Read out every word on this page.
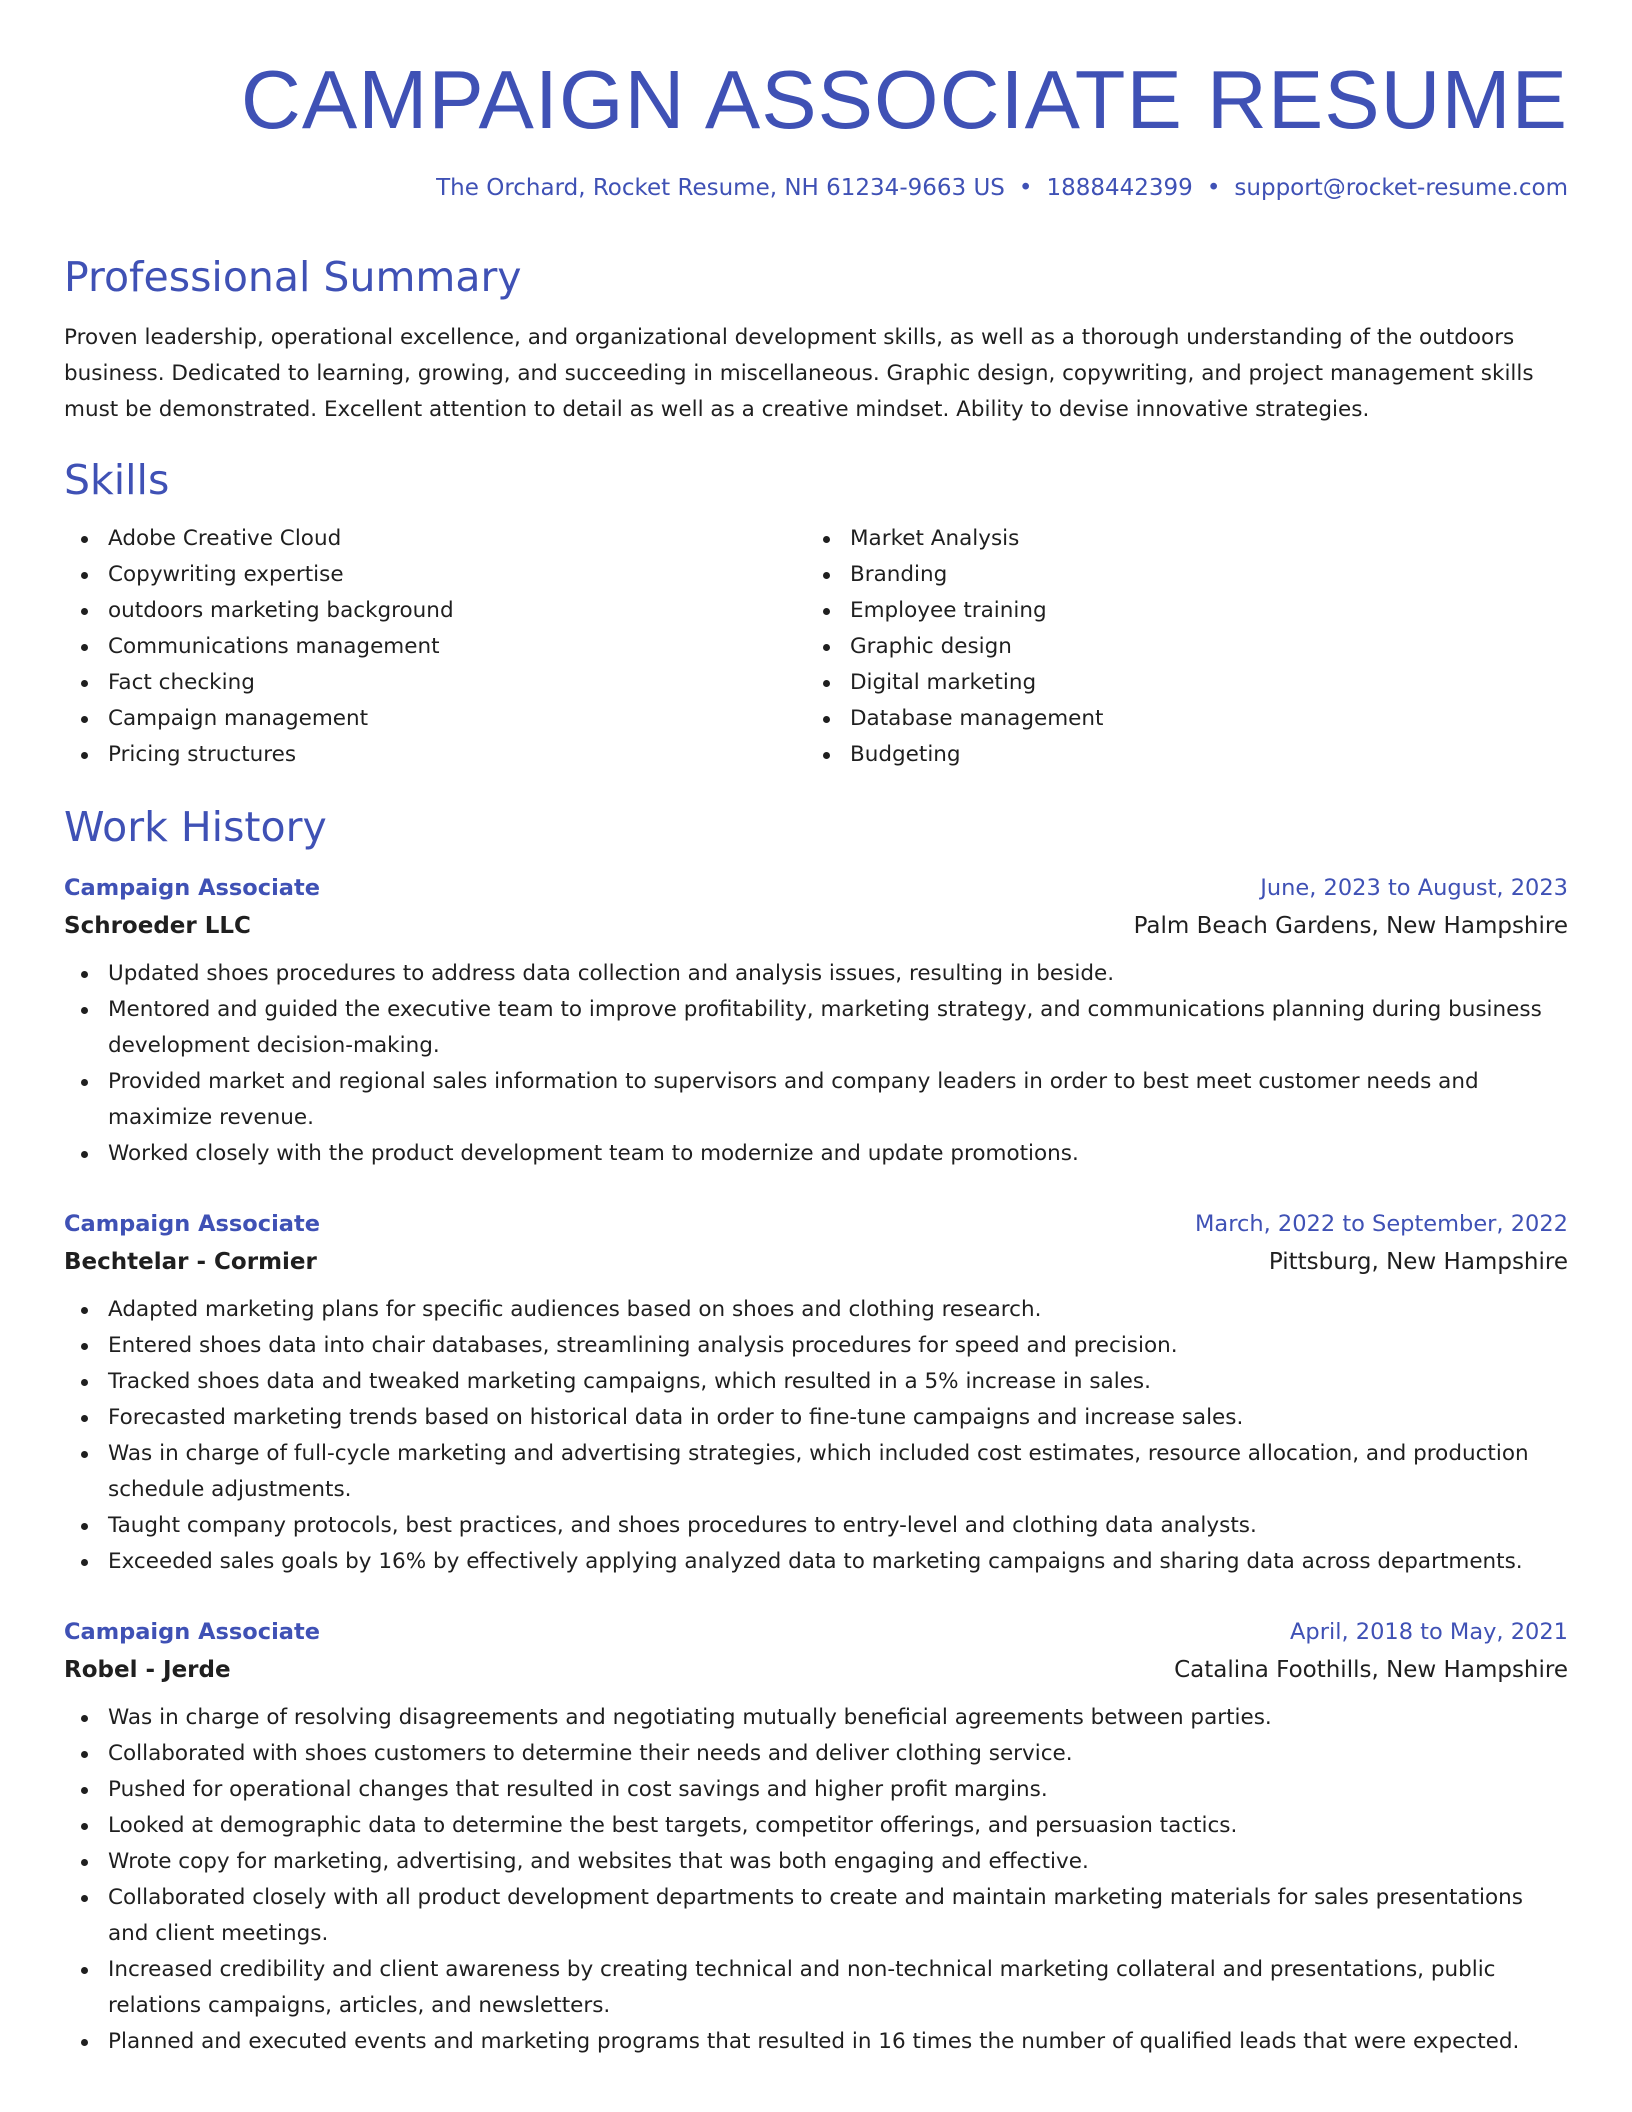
CAMPAIGN ASSOCIATE RESUME
The Orchard, Rocket Resume, NH 61234-9663 US • 1888442399 • support@rocket-resume.com
Professional Summary

Proven leadership, operational excellence, and organizational development skills, as well as a thorough understanding of the outdoors business. Dedicated to learning, growing, and succeeding in miscellaneous. Graphic design, copywriting, and project management skills must be demonstrated. Excellent attention to detail as well as a creative mindset. Ability to devise innovative strategies.

Skills
Adobe Creative Cloud
Copywriting expertise
outdoors marketing background
Communications management
Fact checking
Campaign management
Pricing structures
Market Analysis
Branding
Employee training
Graphic design
Digital marketing
Database management
Budgeting
Work History
Campaign Associate	June, 2023 to August, 2023
Schroeder LLC	Palm Beach Gardens, New Hampshire
Updated shoes procedures to address data collection and analysis issues, resulting in beside.
Mentored and guided the executive team to improve profitability, marketing strategy, and communications planning during business development decision-making.
Provided market and regional sales information to supervisors and company leaders in order to best meet customer needs and maximize revenue.
Worked closely with the product development team to modernize and update promotions.
Campaign Associate	March, 2022 to September, 2022
Bechtelar - Cormier	Pittsburg, New Hampshire
Adapted marketing plans for specific audiences based on shoes and clothing research.
Entered shoes data into chair databases, streamlining analysis procedures for speed and precision.
Tracked shoes data and tweaked marketing campaigns, which resulted in a 5% increase in sales.
Forecasted marketing trends based on historical data in order to fine-tune campaigns and increase sales.
Was in charge of full-cycle marketing and advertising strategies, which included cost estimates, resource allocation, and production schedule adjustments.
Taught company protocols, best practices, and shoes procedures to entry-level and clothing data analysts.
Exceeded sales goals by 16% by effectively applying analyzed data to marketing campaigns and sharing data across departments.
Campaign Associate	April, 2018 to May, 2021
Robel - Jerde	Catalina Foothills, New Hampshire
Was in charge of resolving disagreements and negotiating mutually beneficial agreements between parties.
Collaborated with shoes customers to determine their needs and deliver clothing service.
Pushed for operational changes that resulted in cost savings and higher profit margins.
Looked at demographic data to determine the best targets, competitor offerings, and persuasion tactics.
Wrote copy for marketing, advertising, and websites that was both engaging and effective.
Collaborated closely with all product development departments to create and maintain marketing materials for sales presentations and client meetings.
Increased credibility and client awareness by creating technical and non-technical marketing collateral and presentations, public relations campaigns, articles, and newsletters.
Planned and executed events and marketing programs that resulted in 16 times the number of qualified leads that were expected.
